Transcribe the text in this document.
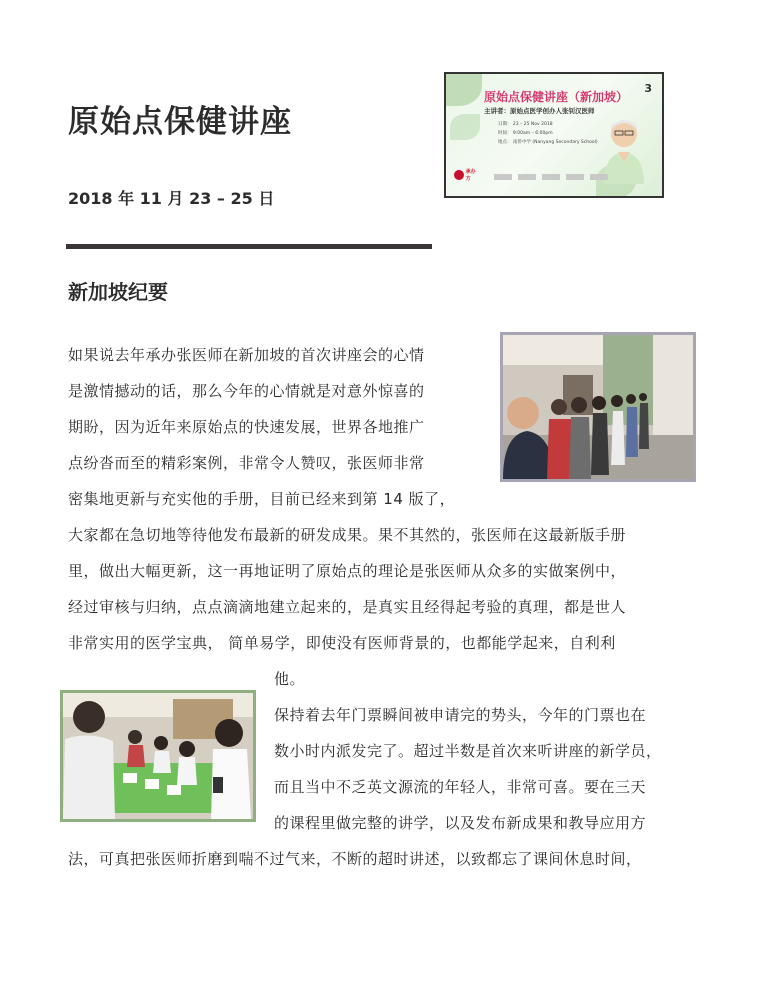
原始点保健讲座
2018 年 11 月 23 – 25 日
新加坡纪要
原始点保健讲座（新加坡）
3
主讲者：原始点医学创办人张钊汉医师
日期： 23 – 25 Nov 2018
时间： 9:00am – 6:00pm
地点： 南侨中学 (Nanyang Secondary School)
承办方
如果说去年承办张医师在新加坡的首次讲座会的心情
是激情撼动的话，那么今年的心情就是对意外惊喜的
期盼，因为近年来原始点的快速发展，世界各地推广
点纷沓而至的精彩案例，非常令人赞叹，张医师非常
密集地更新与充实他的手册，目前已经来到第 14 版了，
大家都在急切地等待他发布最新的研发成果。果不其然的，张医师在这最新版手册
里，做出大幅更新，这一再地证明了原始点的理论是张医师从众多的实做案例中，
经过审核与归纳，点点滴滴地建立起来的，是真实且经得起考验的真理，都是世人
非常实用的医学宝典， 简单易学，即使没有医师背景的，也都能学起来，自利利
他。
保持着去年门票瞬间被申请完的势头，今年的门票也在
数小时内派发完了。超过半数是首次来听讲座的新学员，
而且当中不乏英文源流的年轻人，非常可喜。要在三天
的课程里做完整的讲学，以及发布新成果和教导应用方
法，可真把张医师折磨到喘不过气来，不断的超时讲述，以致都忘了课间休息时间，
